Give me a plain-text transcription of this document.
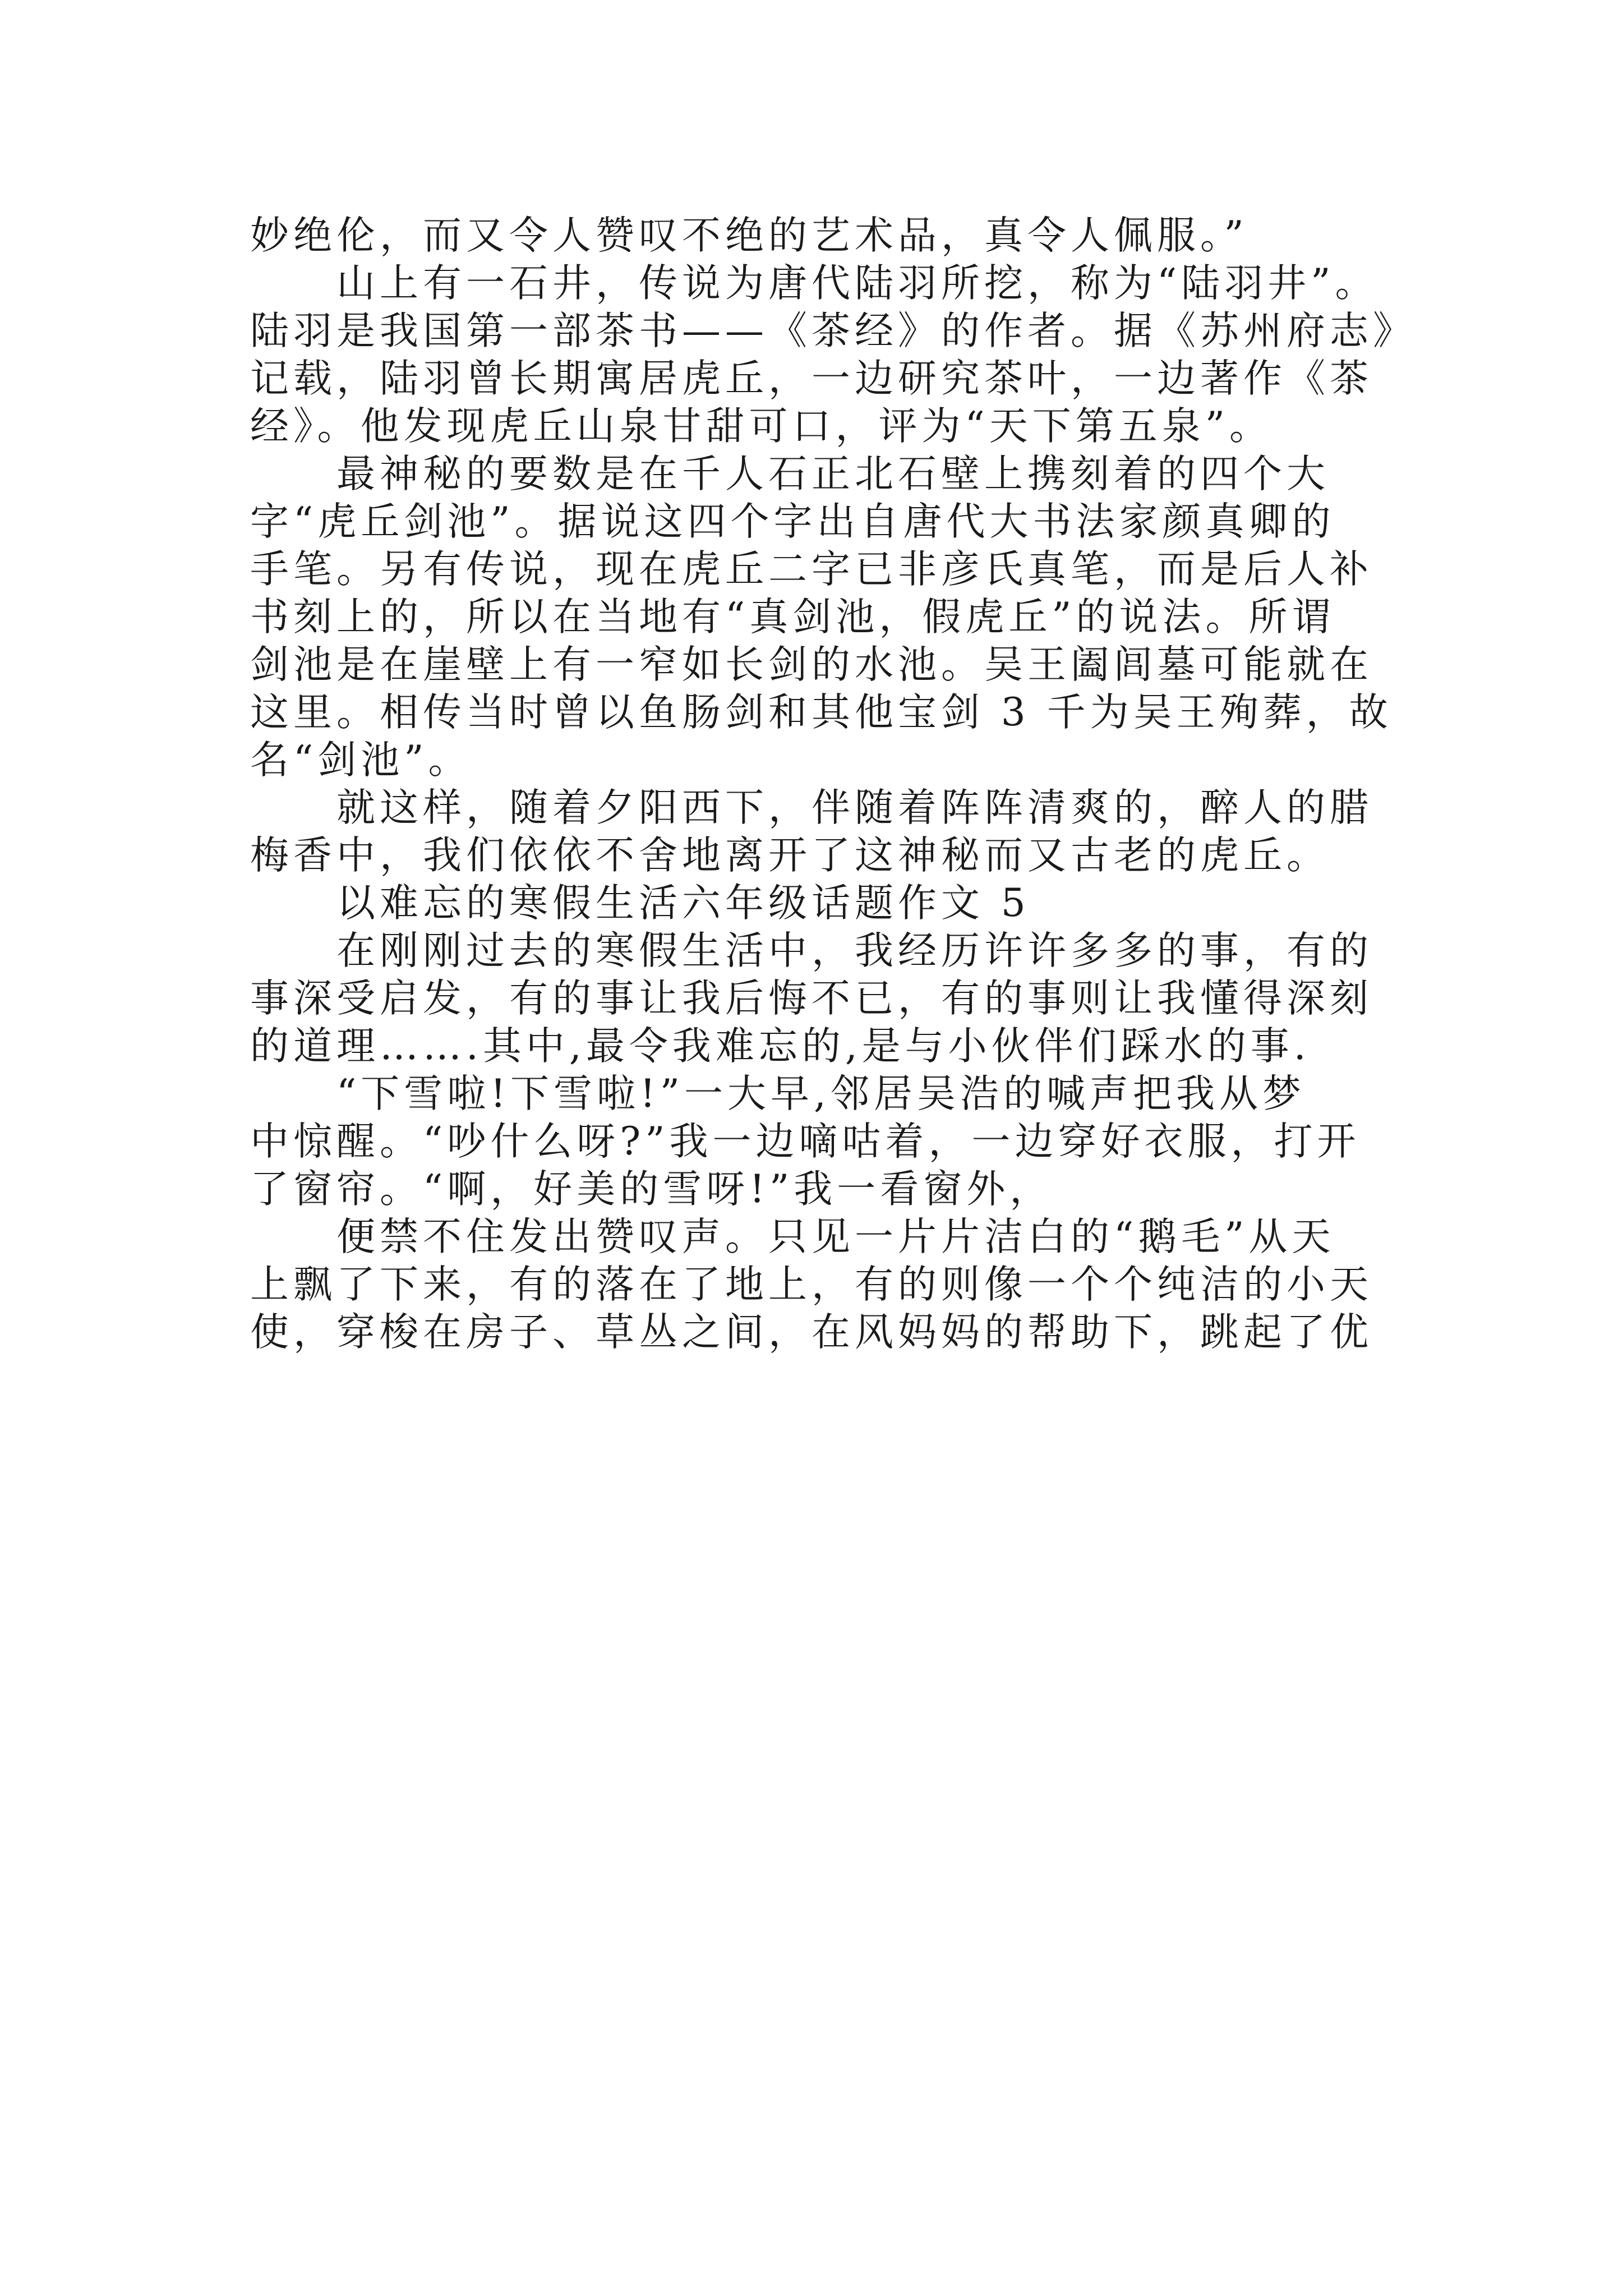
妙绝伦，而又令人赞叹不绝的艺术品，真令人佩服。”
山上有一石井，传说为唐代陆羽所挖，称为“陆羽井”。
陆羽是我国第一部茶书——《茶经》的作者。据《苏州府志》
记载，陆羽曾长期寓居虎丘，一边研究茶叶，一边著作《茶
经》。他发现虎丘山泉甘甜可口，评为“天下第五泉”。
最神秘的要数是在千人石正北石壁上携刻着的四个大
字“虎丘剑池”。据说这四个字出自唐代大书法家颜真卿的
手笔。另有传说，现在虎丘二字已非彦氏真笔，而是后人补
书刻上的，所以在当地有“真剑池，假虎丘”的说法。所谓
剑池是在崖壁上有一窄如长剑的水池。吴王阖闾墓可能就在
这里。相传当时曾以鱼肠剑和其他宝剑 3 千为吴王殉葬，故
名“剑池”。
就这样，随着夕阳西下，伴随着阵阵清爽的，醉人的腊
梅香中，我们依依不舍地离开了这神秘而又古老的虎丘。
以难忘的寒假生活六年级话题作文 5
在刚刚过去的寒假生活中，我经历许许多多的事，有的
事深受启发，有的事让我后悔不已，有的事则让我懂得深刻
的道理…….其中,最令我难忘的,是与小伙伴们踩水的事.
“下雪啦!下雪啦!”一大早,邻居吴浩的喊声把我从梦
中惊醒。“吵什么呀?”我一边嘀咕着，一边穿好衣服，打开
了窗帘。“啊，好美的雪呀!”我一看窗外，
便禁不住发出赞叹声。只见一片片洁白的“鹅毛”从天
上飘了下来，有的落在了地上，有的则像一个个纯洁的小天
使，穿梭在房子、草丛之间，在风妈妈的帮助下，跳起了优
